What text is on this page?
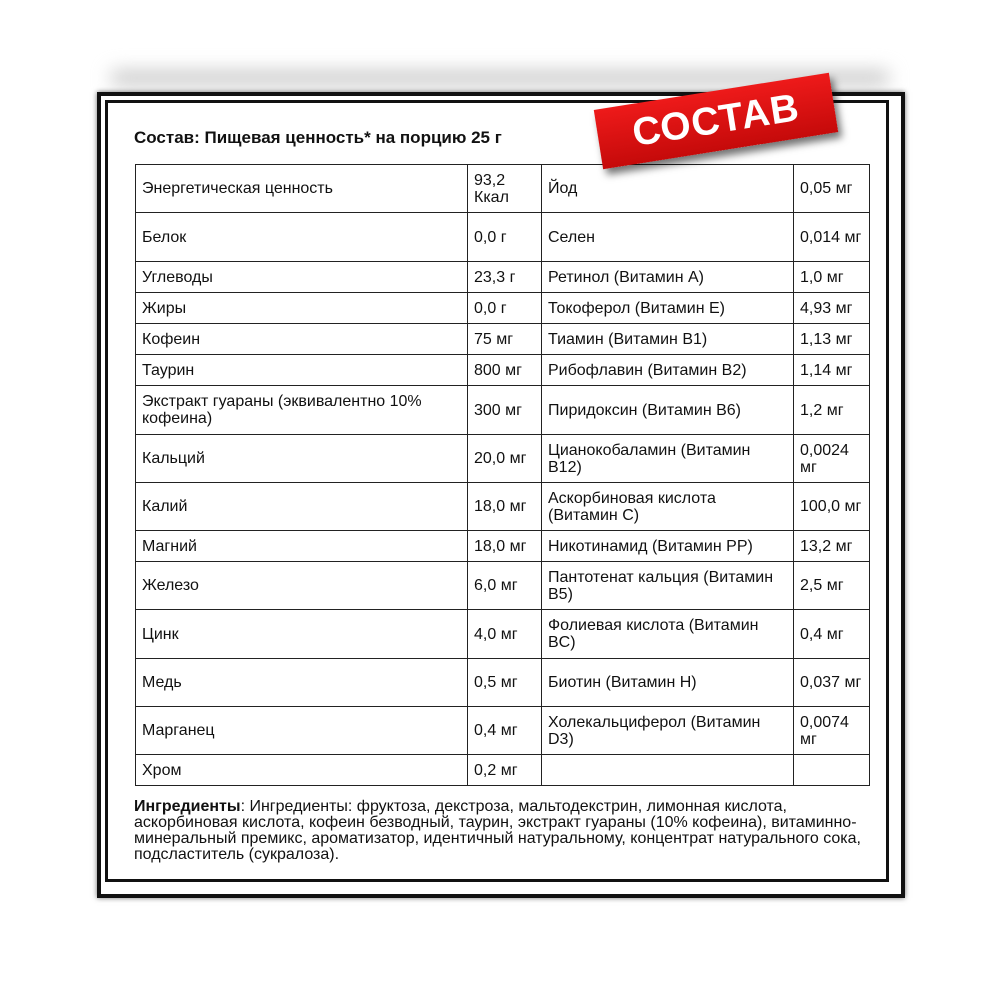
Состав: Пищевая ценность* на порцию 25 г	СОСТАВ
Энергетическая ценность	93,2 Ккал	Йод	0,05 мг
Белок	0,0 г	Селен	0,014 мг
Углеводы	23,3 г	Ретинол (Витамин A)	1,0 мг
Жиры	0,0 г	Токоферол (Витамин E)	4,93 мг
Кофеин	75 мг	Тиамин (Витамин B1)	1,13 мг
Таурин	800 мг	Рибофлавин (Витамин B2)	1,14 мг
Экстракт гуараны (эквивалентно 10% кофеина)	300 мг	Пиридоксин (Витамин B6)	1,2 мг
Кальций	20,0 мг	Цианокобаламин (Витамин B12)	0,0024 мг
Калий	18,0 мг	Аскорбиновая кислота (Витамин C)	100,0 мг
Магний	18,0 мг	Никотинамид (Витамин PP)	13,2 мг
Железо	6,0 мг	Пантотенат кальция (Витамин B5)	2,5 мг
Цинк	4,0 мг	Фолиевая кислота (Витамин BC)	0,4 мг
Медь	0,5 мг	Биотин (Витамин H)	0,037 мг
Марганец	0,4 мг	Холекальциферол (Витамин D3)	0,0074 мг
Хром	0,2 мг		
Ингредиенты: Ингредиенты: фруктоза, декстроза, мальтодекстрин, лимонная кислота, аскорбиновая кислота, кофеин безводный, таурин, экстракт гуараны (10% кофеина), витаминно-минеральный премикс, ароматизатор, идентичный натуральному, концентрат натурального сока, подсластитель (сукралоза).
